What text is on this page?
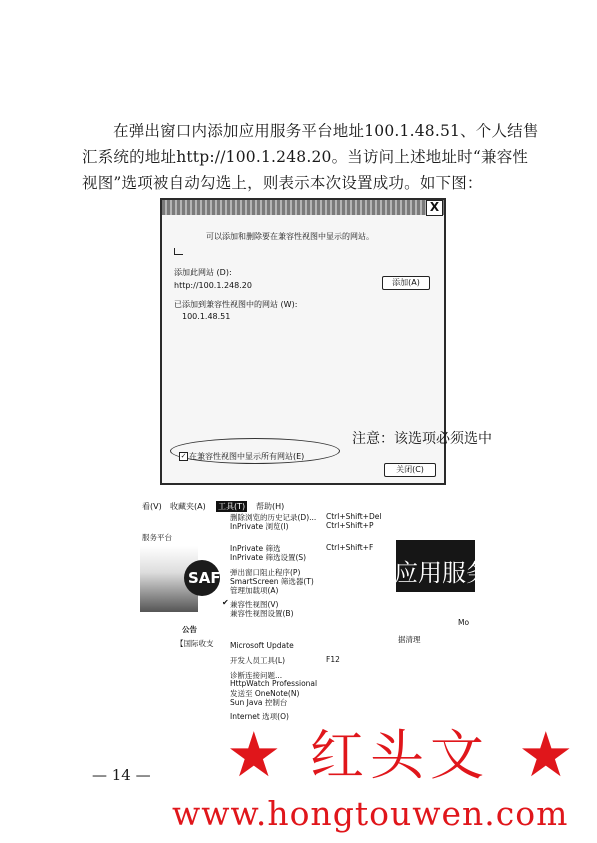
在弹出窗口内添加应用服务平台地址100.1.48.51、个人结售
汇系统的地址http://100.1.248.20。当访问上述地址时“兼容性
视图”选项被自动勾选上，则表示本次设置成功。如下图：
X
可以添加和删除要在兼容性视图中显示的网站。
添加此网站 (D):
http://100.1.248.20	添加(A)
已添加到兼容性视图中的网站 (W):
100.1.48.51
✓ 在兼容性视图中显示所有网站(E)
关闭(C)
注意：该选项必须选中
看(V) 收藏夹(A) 工具(T) 帮助(H)
服务平台
SAF
公告
【国际收支
应用服务
Mo
据清理
删除浏览的历史记录(D)... Ctrl+Shift+Del
InPrivate 浏览(I)	Ctrl+Shift+P
InPrivate 筛选	Ctrl+Shift+F
InPrivate 筛选设置(S)
弹出窗口阻止程序(P)
SmartScreen 筛选器(T)
管理加载项(A)
✔ 兼容性视图(V)
兼容性视图设置(B)
Microsoft Update
开发人员工具(L)	F12
诊断连接问题...
HttpWatch Professional
发送至 OneNote(N)
Sun Java 控制台
Internet 选项(O)
— 14 — ★ 红头文 ★
www.hongtouwen.com
